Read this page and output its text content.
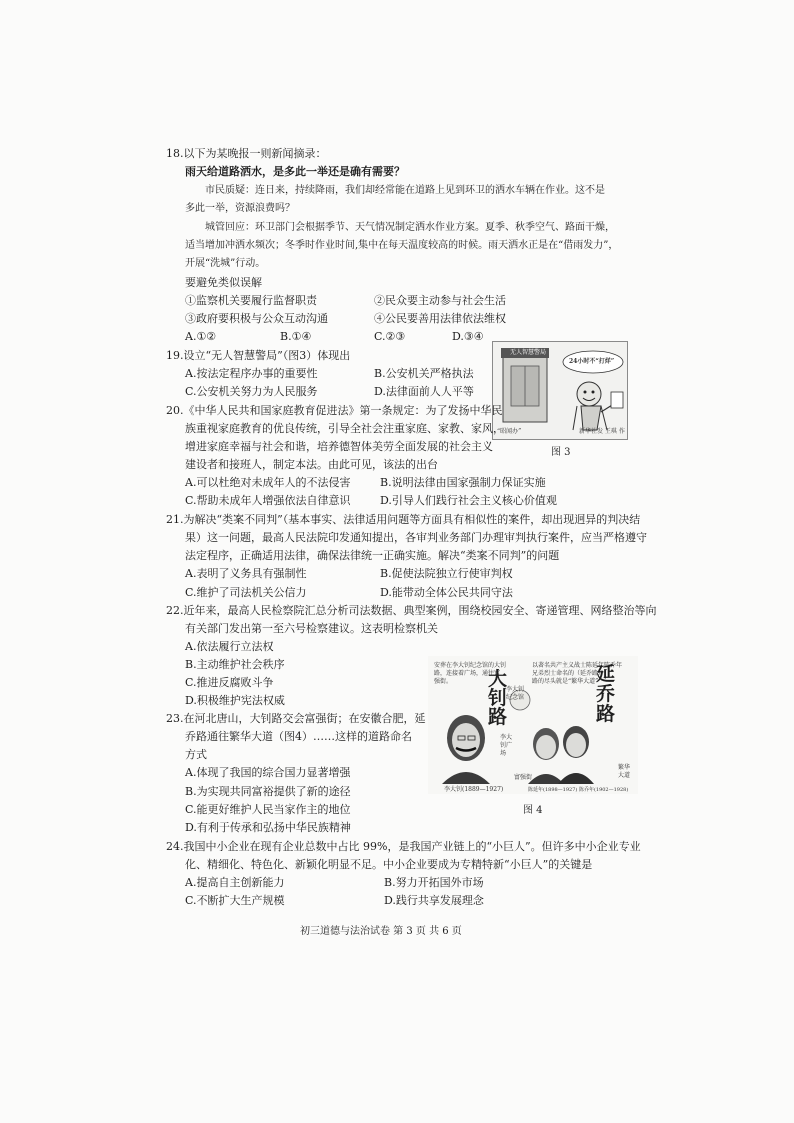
18.以下为某晚报一则新闻摘录：
雨天给道路洒水，是多此一举还是确有需要？
市民质疑：连日来，持续降雨，我们却经常能在道路上见到环卫的洒水车辆在作业。这不是
多此一举，资源浪费吗？
城管回应：环卫部门会根据季节、天气情况制定洒水作业方案。夏季、秋季空气、路面干燥，
适当增加冲洒水频次；冬季时作业时间,集中在每天温度较高的时候。雨天洒水正是在“借雨发力”，
开展“洗城”行动。
要避免类似误解
①监察机关要履行监督职责	②民众要主动参与社会生活
③政府要积极与公众互动沟通	④公民要善用法律依法维权
A.①②	B.①④	C.②③	D.③④
19.设立“无人智慧警局”（图3）体现出
A.按法定程序办事的重要性	B.公安机关严格执法
C.公安机关努力为人民服务	D.法律面前人人平等
无人智慧警局
24小时不“打烊”
“昭闻办”	新华社发 王琪 作
图 3
20.《中华人民共和国家庭教育促进法》第一条规定：为了发扬中华民
族重视家庭教育的优良传统，引导全社会注重家庭、家教、家风，
增进家庭幸福与社会和谐，培养德智体美劳全面发展的社会主义
建设者和接班人，制定本法。由此可见，该法的出台
A.可以杜绝对未成年人的不法侵害	B.说明法律由国家强制力保证实施
C.帮助未成年人增强依法自律意识	D.引导人们践行社会主义核心价值观
21.为解决“类案不同判”（基本事实、法律适用问题等方面具有相似性的案件，却出现迥异的判决结
果）这一问题，最高人民法院印发通知提出，各审判业务部门办理审判执行案件，应当严格遵守
法定程序，正确适用法律，确保法律统一正确实施。解决“类案不同判”的问题
A.表明了义务具有强制性	B.促使法院独立行使审判权
C.维护了司法机关公信力	D.能带动全体公民共同守法
22.近年来，最高人民检察院汇总分析司法数据、典型案例，围绕校园安全、寄递管理、网络整治等向
有关部门发出第一至六号检察建议。这表明检察机关
A.依法履行立法权
B.主动维护社会秩序
C.推进反腐败斗争
D.积极维护宪法权威
安葬在李大钊纪念馆的大钊
路，连接着广场，通往富
强街。
李大钊
纪念馆
大钊路
李大钊广场
富强街
以著名共产主义战士陈延年陈乔年
兄弟烈士命名的（延乔路）
路的尽头就是“繁华大道”
延乔路
繁华大道
李大钊(1889—1927)	陈延年(1898—1927) 陈乔年(1902—1928)
图 4
23.在河北唐山，大钊路交会富强街；在安徽合肥，延
乔路通往繁华大道（图4）……这样的道路命名
方式
A.体现了我国的综合国力显著增强
B.为实现共同富裕提供了新的途径
C.能更好维护人民当家作主的地位
D.有利于传承和弘扬中华民族精神
24.我国中小企业在现有企业总数中占比 99%，是我国产业链上的“小巨人”。但许多中小企业专业
化、精细化、特色化、新颖化明显不足。中小企业要成为专精特新“小巨人”的关键是
A.提高自主创新能力	B.努力开拓国外市场
C.不断扩大生产规模	D.践行共享发展理念
初三道德与法治试卷 第 3 页 共 6 页
